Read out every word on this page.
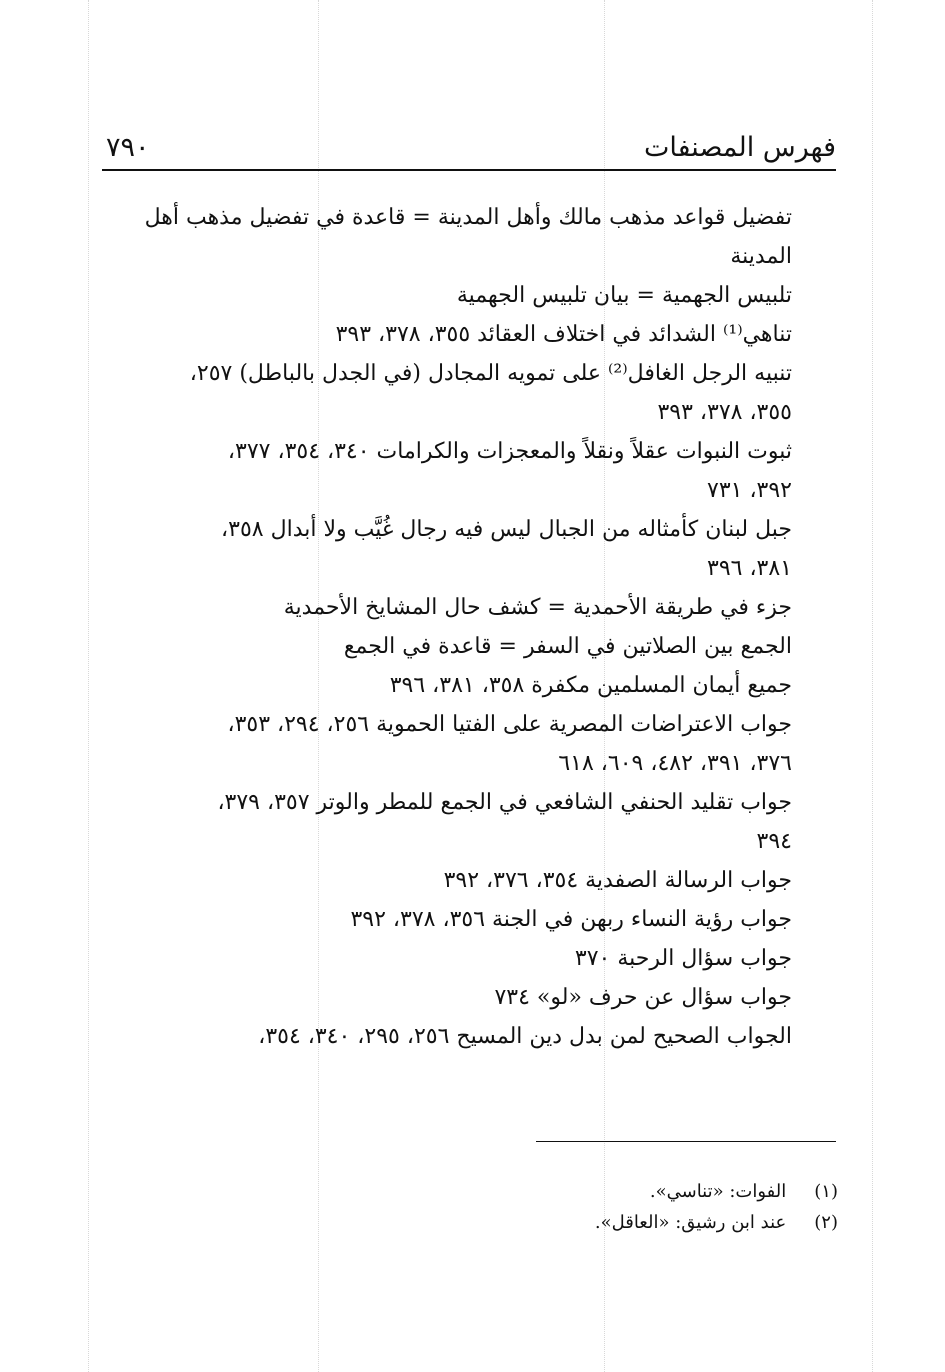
فهرس المصنفات
٧٩٠
تفضيل قواعد مذهب مالك وأهل المدينة = قاعدة في تفضيل مذهب أهل
المدينة
تلبيس الجهمية = بيان تلبيس الجهمية
تناهي⁽¹⁾ الشدائد في اختلاف العقائد ٣٥٥، ٣٧٨، ٣٩٣
تنبيه الرجل الغافل⁽²⁾ على تمويه المجادل (في الجدل بالباطل) ٢٥٧،
٣٥٥، ٣٧٨، ٣٩٣
ثبوت النبوات عقلاً ونقلاً والمعجزات والكرامات ٣٤٠، ٣٥٤، ٣٧٧،
٣٩٢، ٧٣١
جبل لبنان كأمثاله من الجبال ليس فيه رجال غُيَّب ولا أبدال ٣٥٨،
٣٨١، ٣٩٦
جزء في طريقة الأحمدية = كشف حال المشايخ الأحمدية
الجمع بين الصلاتين في السفر = قاعدة في الجمع
جميع أيمان المسلمين مكفرة ٣٥٨، ٣٨١، ٣٩٦
جواب الاعتراضات المصرية على الفتيا الحموية ٢٥٦، ٢٩٤، ٣٥٣،
٣٧٦، ٣٩١، ٤٨٢، ٦٠٩، ٦١٨
جواب تقليد الحنفي الشافعي في الجمع للمطر والوتر ٣٥٧، ٣٧٩،
٣٩٤
جواب الرسالة الصفدية ٣٥٤، ٣٧٦، ٣٩٢
جواب رؤية النساء ربهن في الجنة ٣٥٦، ٣٧٨، ٣٩٢
جواب سؤال الرحبة ٣٧٠
جواب سؤال عن حرف «لو» ٧٣٤
الجواب الصحيح لمن بدل دين المسيح ٢٥٦، ٢٩٥، ٣٤٠، ٣٥٤،
(١) الفوات: «تناسي».
(٢) عند ابن رشيق: «العاقل».
